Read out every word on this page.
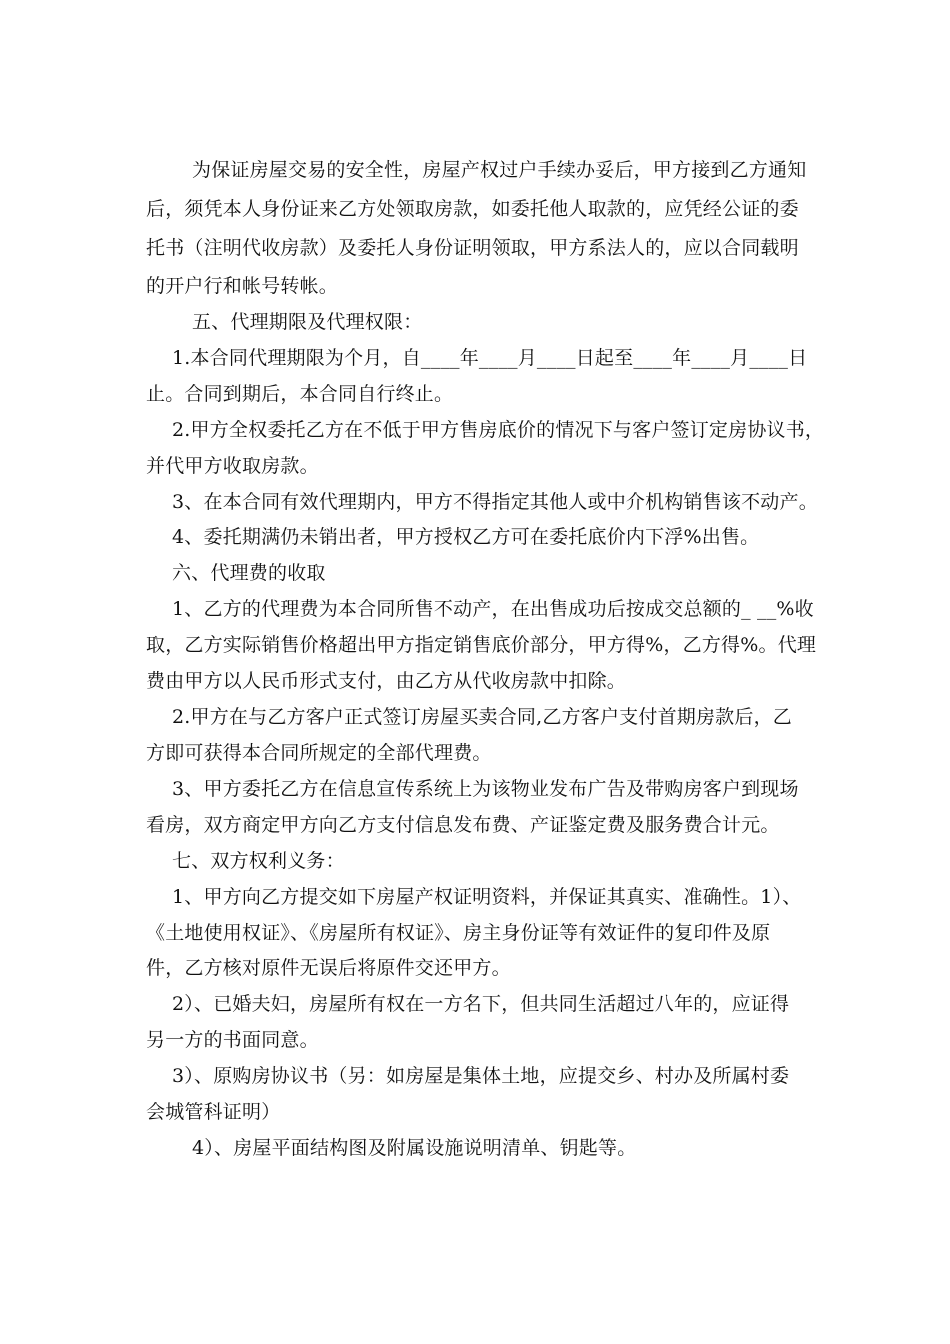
为保证房屋交易的安全性，房屋产权过户手续办妥后，甲方接到乙方通知
后，须凭本人身份证来乙方处领取房款，如委托他人取款的，应凭经公证的委
托书（注明代收房款）及委托人身份证明领取，甲方系法人的，应以合同载明
的开户行和帐号转帐。
五、代理期限及代理权限：
1.本合同代理期限为个月，自____年____月____日起至____年____月____日
止。合同到期后，本合同自行终止。
2.甲方全权委托乙方在不低于甲方售房底价的情况下与客户签订定房协议书，
并代甲方收取房款。
3、在本合同有效代理期内，甲方不得指定其他人或中介机构销售该不动产。
4、委托期满仍未销出者，甲方授权乙方可在委托底价内下浮%出售。
六、代理费的收取
1、乙方的代理费为本合同所售不动产，在出售成功后按成交总额的_ __%收
取，乙方实际销售价格超出甲方指定销售底价部分，甲方得%，乙方得%。代理
费由甲方以人民币形式支付，由乙方从代收房款中扣除。
2.甲方在与乙方客户正式签订房屋买卖合同,乙方客户支付首期房款后，乙
方即可获得本合同所规定的全部代理费。
3、甲方委托乙方在信息宣传系统上为该物业发布广告及带购房客户到现场
看房，双方商定甲方向乙方支付信息发布费、产证鉴定费及服务费合计元。
七、双方权利义务：
1、甲方向乙方提交如下房屋产权证明资料，并保证其真实、准确性。1）、
《土地使用权证》、《房屋所有权证》、房主身份证等有效证件的复印件及原
件，乙方核对原件无误后将原件交还甲方。
2）、已婚夫妇，房屋所有权在一方名下，但共同生活超过八年的，应证得
另一方的书面同意。
3）、原购房协议书（另：如房屋是集体土地，应提交乡、村办及所属村委
会城管科证明）
4）、房屋平面结构图及附属设施说明清单、钥匙等。
